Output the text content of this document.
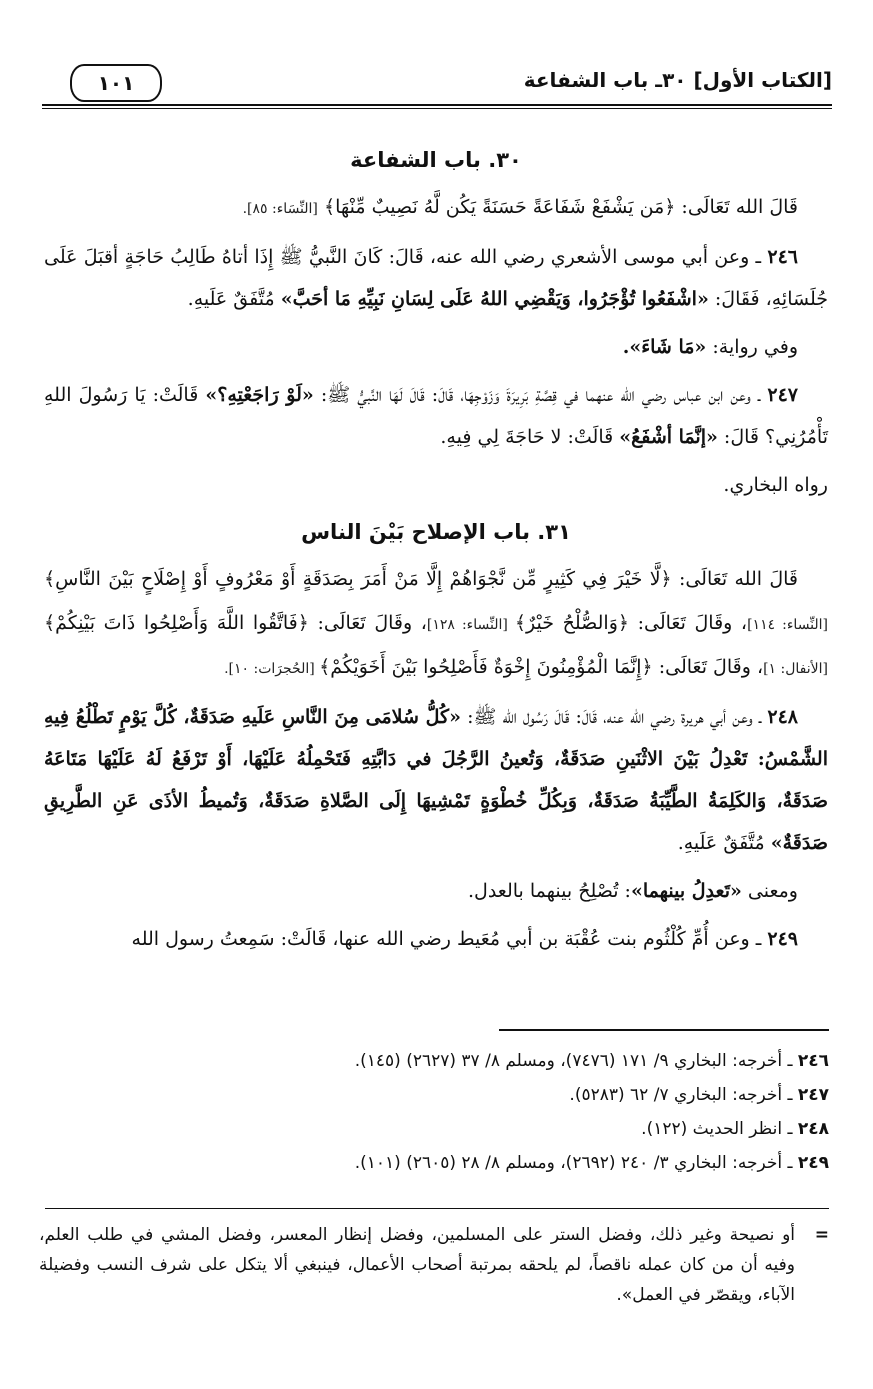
[الكتاب الأول] ٣٠ـ باب الشفاعة
١٠١
٣٠. باب الشفاعة

قَالَ الله تَعَالَى: ﴿مَن يَشْفَعْ شَفَاعَةً حَسَنَةً يَكُن لَّهُ نَصِيبٌ مِّنْهَا﴾ [النِّسَاء: ٨٥].

٢٤٦ ـ وعن أبي موسى الأشعري رضي الله عنه، قَالَ: كَانَ النَّبيُّ ﷺ إِذَا أتاهُ طَالِبُ حَاجَةٍ أقبَلَ عَلَى جُلَسَائِهِ، فَقَالَ: «اشْفَعُوا تُؤْجَرُوا، وَيَقْضِي اللهُ عَلَى لِسَانِ نَبِيِّهِ مَا أحَبَّ» مُتَّفَقٌ عَلَيهِ.

وفي رواية: «مَا شَاءَ».

٢٤٧ ـ وعن ابن عباس رضي الله عنهما في قِصَّةِ بَرِيرَةَ وَزَوْجِهَا، قَالَ: قَالَ لَهَا النَّبيُّ ﷺ: «لَوْ رَاجَعْتِهِ؟» قَالَتْ: يَا رَسُولَ اللهِ تَأْمُرُنِي؟ قَالَ: «إنَّمَا أشْفَعُ» قَالَتْ: لا حَاجَةَ لِي فِيهِ.

رواه البخاري.

٣١. باب الإصلاح بَيْنَ الناس

قَالَ الله تَعَالَى: ﴿لَّا خَيْرَ فِي كَثِيرٍ مِّن نَّجْوَاهُمْ إِلَّا مَنْ أَمَرَ بِصَدَقَةٍ أَوْ مَعْرُوفٍ أَوْ إِصْلَاحٍ بَيْنَ النَّاسِ﴾ [النِّساء: ١١٤]، وقَالَ تَعَالَى: ﴿وَالصُّلْحُ خَيْرٌ﴾ [النِّساء: ١٢٨]، وقَالَ تَعَالَى: ﴿فَاتَّقُوا اللَّهَ وَأَصْلِحُوا ذَاتَ بَيْنِكُمْ﴾ [الأنفال: ١]، وقَالَ تَعَالَى: ﴿إِنَّمَا الْمُؤْمِنُونَ إِخْوَةٌ فَأَصْلِحُوا بَيْنَ أَخَوَيْكُمْ﴾ [الحُجرَات: ١٠].

٢٤٨ ـ وعن أبي هريرة رضي الله عنه، قَالَ: قَالَ رَسُول الله ﷺ: «كُلُّ سُلامَى مِنَ النَّاسِ عَلَيهِ صَدَقَةٌ، كُلَّ يَوْمٍ تَطْلُعُ فِيهِ الشَّمْسُ: تَعْدِلُ بَيْنَ الاثْنَينِ صَدَقَةٌ، وَتُعينُ الرَّجُلَ في دَابَّتِهِ فَتَحْمِلُهُ عَلَيْهَا، أَوْ تَرْفَعُ لَهُ عَلَيْهَا مَتَاعَهُ صَدَقَةٌ، وَالكَلِمَةُ الطَّيِّبَةُ صَدَقَةٌ، وَبِكُلِّ خُطْوَةٍ تَمْشِيهَا إِلَى الصَّلاةِ صَدَقَةٌ، وَتُميطُ الأذَى عَنِ الطَّرِيقِ صَدَقَةٌ» مُتَّفَقٌ عَلَيهِ.

ومعنى «تَعدِلُ بينهما»: تُصْلِحُ بينهما بالعدل.

٢٤٩ ـ وعن أُمِّ كُلْثُوم بنت عُقْبَة بن أبي مُعَيط رضي الله عنها، قَالَتْ: سَمِعتُ رسول الله

٢٤٦ ـ أخرجه: البخاري ٩/ ١٧١ (٧٤٧٦)، ومسلم ٨/ ٣٧ (٢٦٢٧) (١٤٥).
٢٤٧ ـ أخرجه: البخاري ٧/ ٦٢ (٥٢٨٣).
٢٤٨ ـ انظر الحديث (١٢٢).
٢٤٩ ـ أخرجه: البخاري ٣/ ٢٤٠ (٢٦٩٢)، ومسلم ٨/ ٢٨ (٢٦٠٥) (١٠١).
=
أو نصيحة وغير ذلك، وفضل الستر على المسلمين، وفضل إنظار المعسر، وفضل المشي في طلب العلم، وفيه أن من كان عمله ناقصاً، لم يلحقه بمرتبة أصحاب الأعمال، فينبغي ألا يتكل على شرف النسب وفضيلة الآباء، ويقصّر في العمل».
